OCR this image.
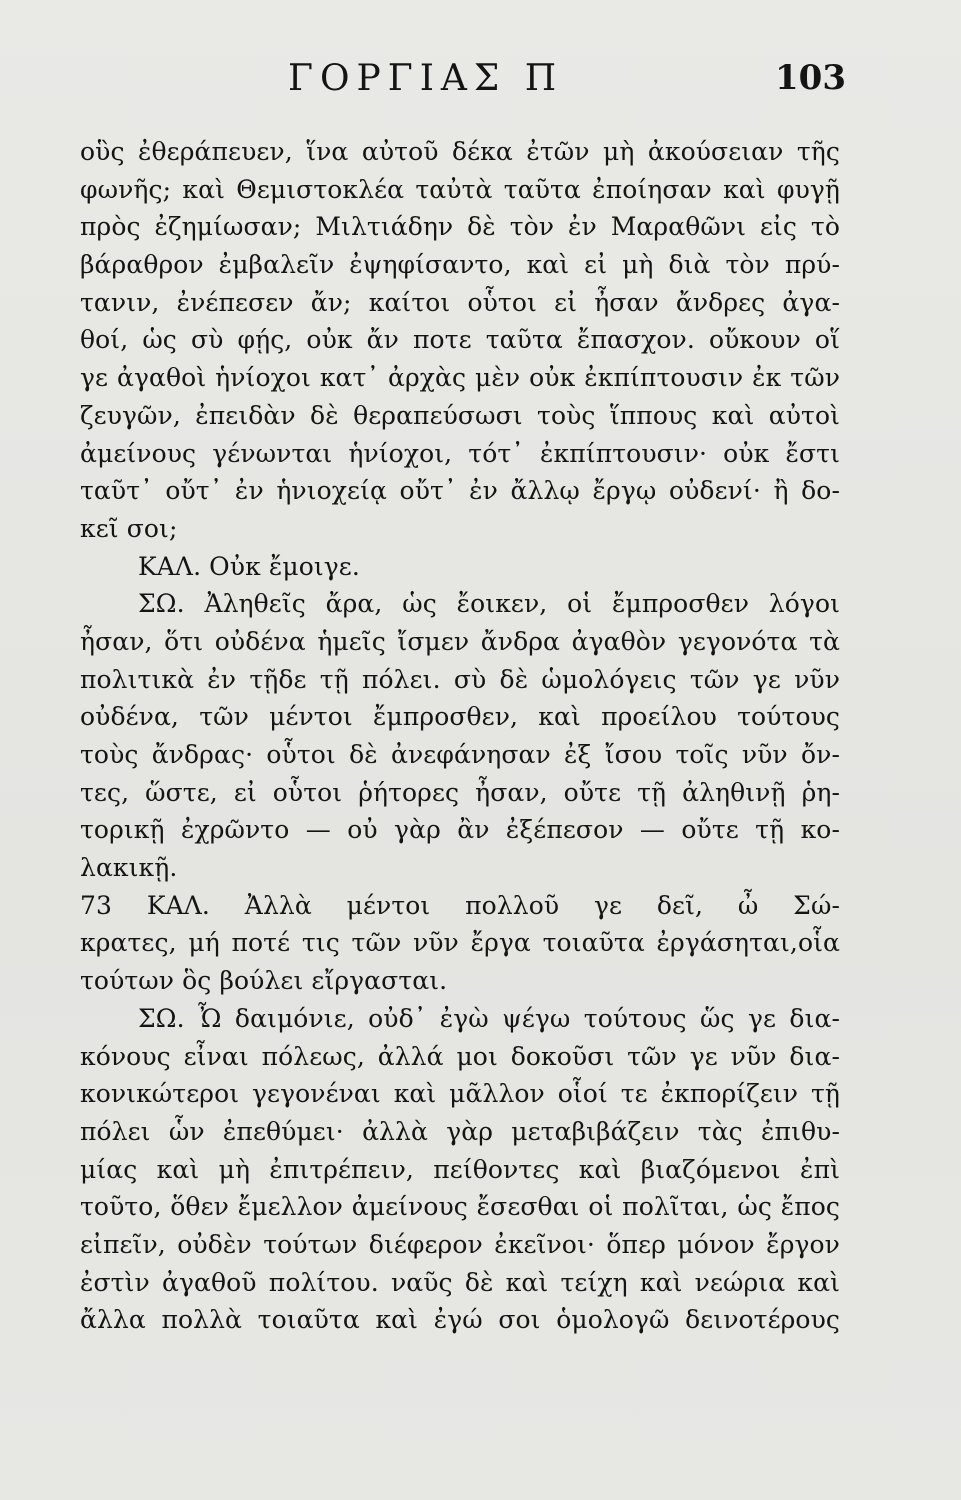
ΓΟΡΓΙΑΣ Π	103
οὓς ἐθεράπευεν, ἵνα αὐτοῦ δέκα ἐτῶν μὴ ἀκούσειαν τῆς
φωνῆς; καὶ Θεμιστοκλέα ταὐτὰ ταῦτα ἐποίησαν καὶ φυγῇ
πρὸς ἐζημίωσαν; Μιλτιάδην δὲ τὸν ἐν Μαραθῶνι εἰς τὸ
βάραθρον ἐμβαλεῖν ἐψηφίσαντο, καὶ εἰ μὴ διὰ τὸν πρύ-
τανιν, ἐνέπεσεν ἄν; καίτοι οὗτοι εἰ ἦσαν ἄνδρες ἀγα-
θοί, ὡς σὺ φῄς, οὐκ ἄν ποτε ταῦτα ἔπασχον. οὔκουν οἵ
γε ἀγαθοὶ ἡνίοχοι κατ᾽ ἀρχὰς μὲν οὐκ ἐκπίπτουσιν ἐκ τῶν
ζευγῶν, ἐπειδὰν δὲ θεραπεύσωσι τοὺς ἵππους καὶ αὐτοὶ
ἀμείνους γένωνται ἡνίοχοι, τότ᾽ ἐκπίπτουσιν· οὐκ ἔστι
ταῦτ᾽ οὔτ᾽ ἐν ἡνιοχείᾳ οὔτ᾽ ἐν ἄλλῳ ἔργῳ οὐδενί· ἢ δο-
κεῖ σοι;
ΚΑΛ. Οὐκ ἔμοιγε.
ΣΩ. Ἀληθεῖς ἄρα, ὡς ἔοικεν, οἱ ἔμπροσθεν λόγοι
ἦσαν, ὅτι οὐδένα ἡμεῖς ἴσμεν ἄνδρα ἀγαθὸν γεγονότα τὰ
πολιτικὰ ἐν τῇδε τῇ πόλει. σὺ δὲ ὡμολόγεις τῶν γε νῦν
οὐδένα, τῶν μέντοι ἔμπροσθεν, καὶ προείλου τούτους
τοὺς ἄνδρας· οὗτοι δὲ ἀνεφάνησαν ἐξ ἴσου τοῖς νῦν ὄν-
τες, ὥστε, εἰ οὗτοι ῥήτορες ἦσαν, οὔτε τῇ ἀληθινῇ ῥη-
τορικῇ ἐχρῶντο — οὐ γὰρ ἂν ἐξέπεσον — οὔτε τῇ κο-
λακικῇ.
73 ΚΑΛ. Ἀλλὰ μέντοι πολλοῦ γε δεῖ, ὦ Σώ-
κρατες, μή ποτέ τις τῶν νῦν ἔργα τοιαῦτα ἐργάσηται,οἷα
τούτων ὃς βούλει εἴργασται.
ΣΩ. Ὦ δαιμόνιε, οὐδ᾽ ἐγὼ ψέγω τούτους ὥς γε δια-
κόνους εἶναι πόλεως, ἀλλά μοι δοκοῦσι τῶν γε νῦν δια-
κονικώτεροι γεγονέναι καὶ μᾶλλον οἷοί τε ἐκπορίζειν τῇ
πόλει ὧν ἐπεθύμει· ἀλλὰ γὰρ μεταβιβάζειν τὰς ἐπιθυ-
μίας καὶ μὴ ἐπιτρέπειν, πείθοντες καὶ βιαζόμενοι ἐπὶ
τοῦτο, ὅθεν ἔμελλον ἀμείνους ἔσεσθαι οἱ πολῖται, ὡς ἔπος
εἰπεῖν, οὐδὲν τούτων διέφερον ἐκεῖνοι· ὅπερ μόνον ἔργον
ἐστὶν ἀγαθοῦ πολίτου. ναῦς δὲ καὶ τείχη καὶ νεώρια καὶ
ἄλλα πολλὰ τοιαῦτα καὶ ἐγώ σοι ὁμολογῶ δεινοτέρους
